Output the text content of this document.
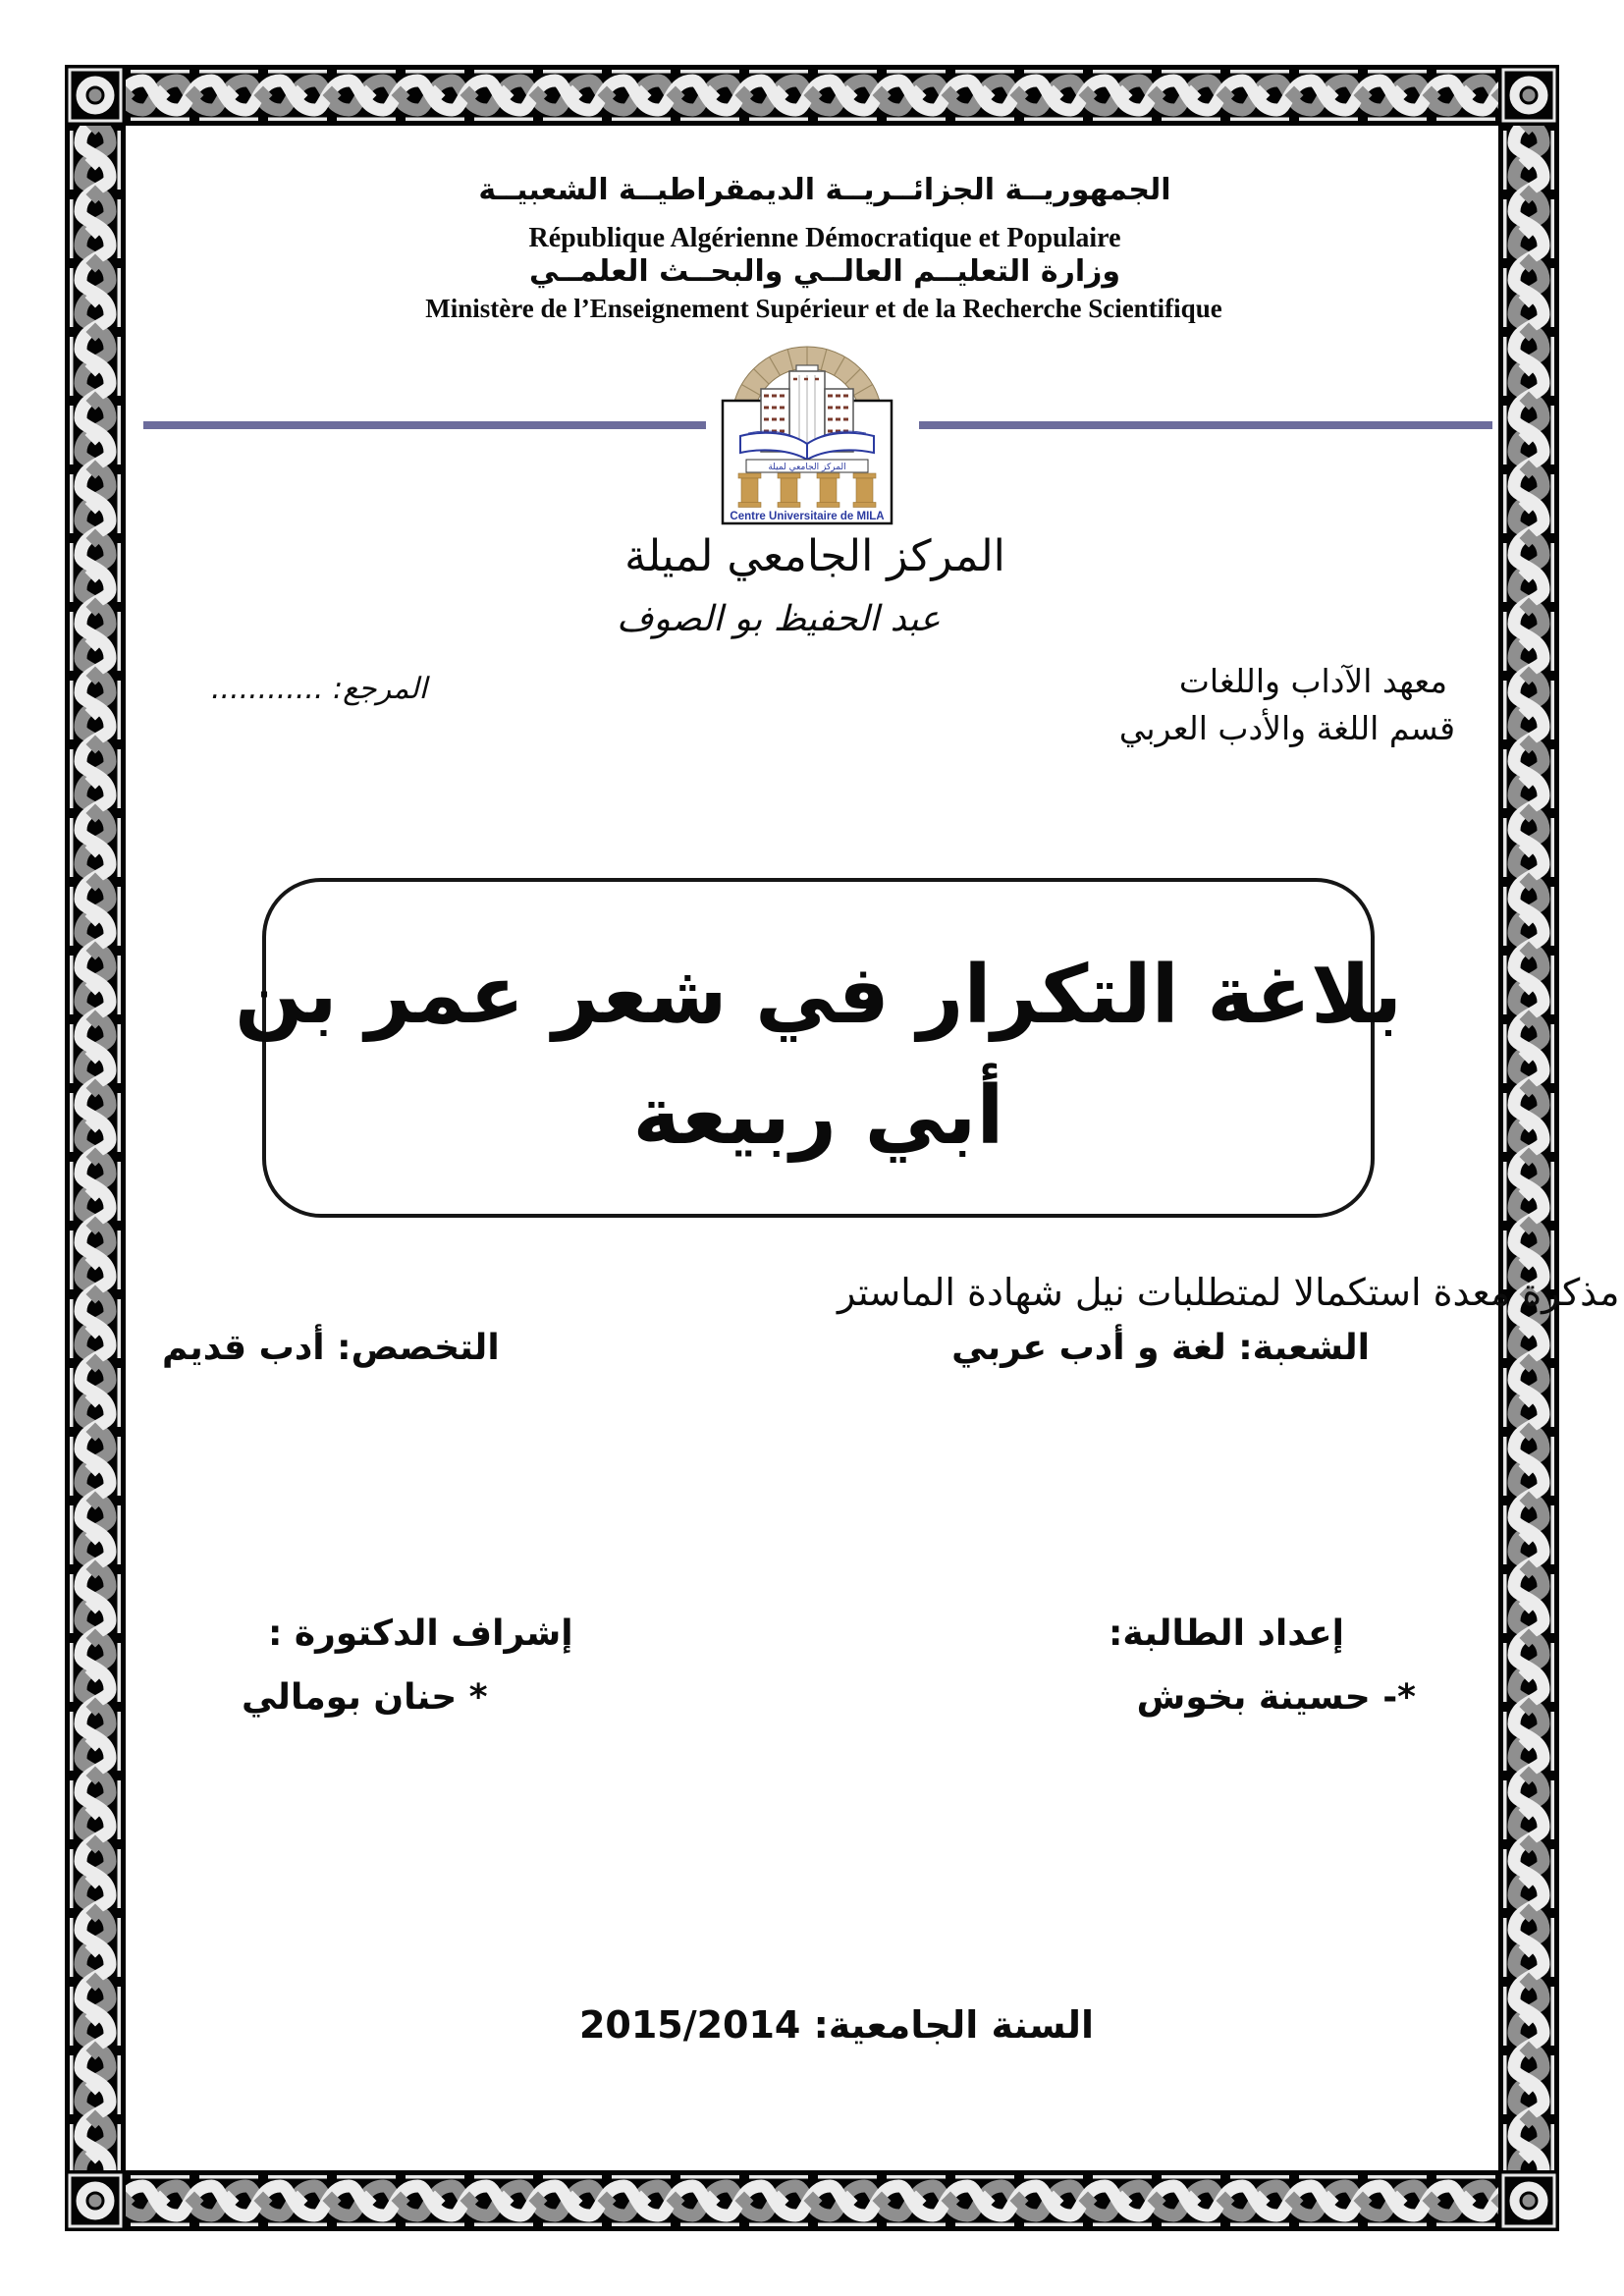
الجمهوريــة الجزائــريــة الديمقراطيــة الشعبيــة
République Algérienne Démocratique et Populaire
وزارة التعليــم العالــي والبحــث العلمــي
Ministère de l’Enseignement Supérieur et de la Recherche Scientifique
المركز الجامعي لميلة
Centre Universitaire de MILA
المركز الجامعي لميلة
عبد الحفيظ بو الصوف
معهد الآداب واللغات
المرجع: ............
قسم اللغة والأدب العربي
بلاغة التكرار في شعر عمر بن
أبي ربيعة
مذكرة معدة استكمالا لمتطلبات نيل شهادة الماستر
الشعبة: لغة و أدب عربي
التخصص: أدب قديم
إعداد الطالبة:
إشراف الدكتورة :
*- حسينة بخوش
* حنان بومالي
السنة الجامعية: 2015/2014
